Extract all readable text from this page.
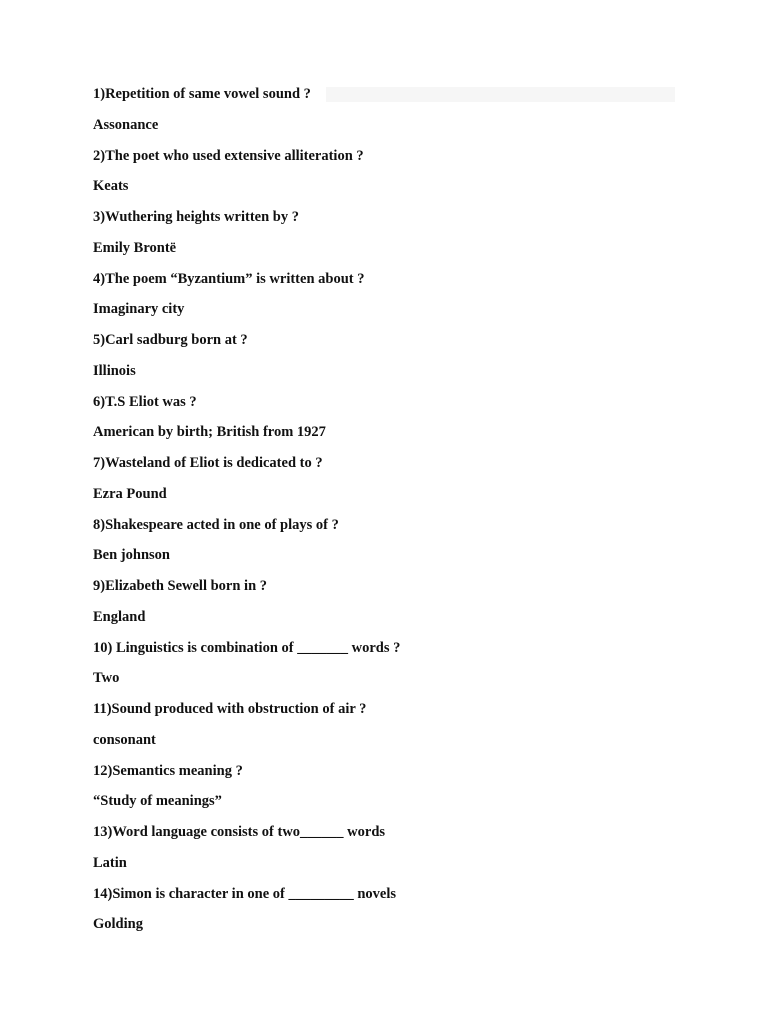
1)Repetition of same vowel sound ?
Assonance
2)The poet who used extensive alliteration ?
Keats
3)Wuthering heights written by ?
Emily Brontë
4)The poem “Byzantium” is written about ?
Imaginary city
5)Carl sadburg born at ?
Illinois
6)T.S Eliot was ?
American by birth; British from 1927
7)Wasteland of Eliot is dedicated to ?
Ezra Pound
8)Shakespeare acted in one of plays of ?
Ben johnson
9)Elizabeth Sewell born in ?
England
10) Linguistics is combination of _______ words ?
Two
11)Sound produced with obstruction of air ?
consonant
12)Semantics meaning ?
“Study of meanings”
13)Word language consists of two______ words
Latin
14)Simon is character in one of _________ novels
Golding
